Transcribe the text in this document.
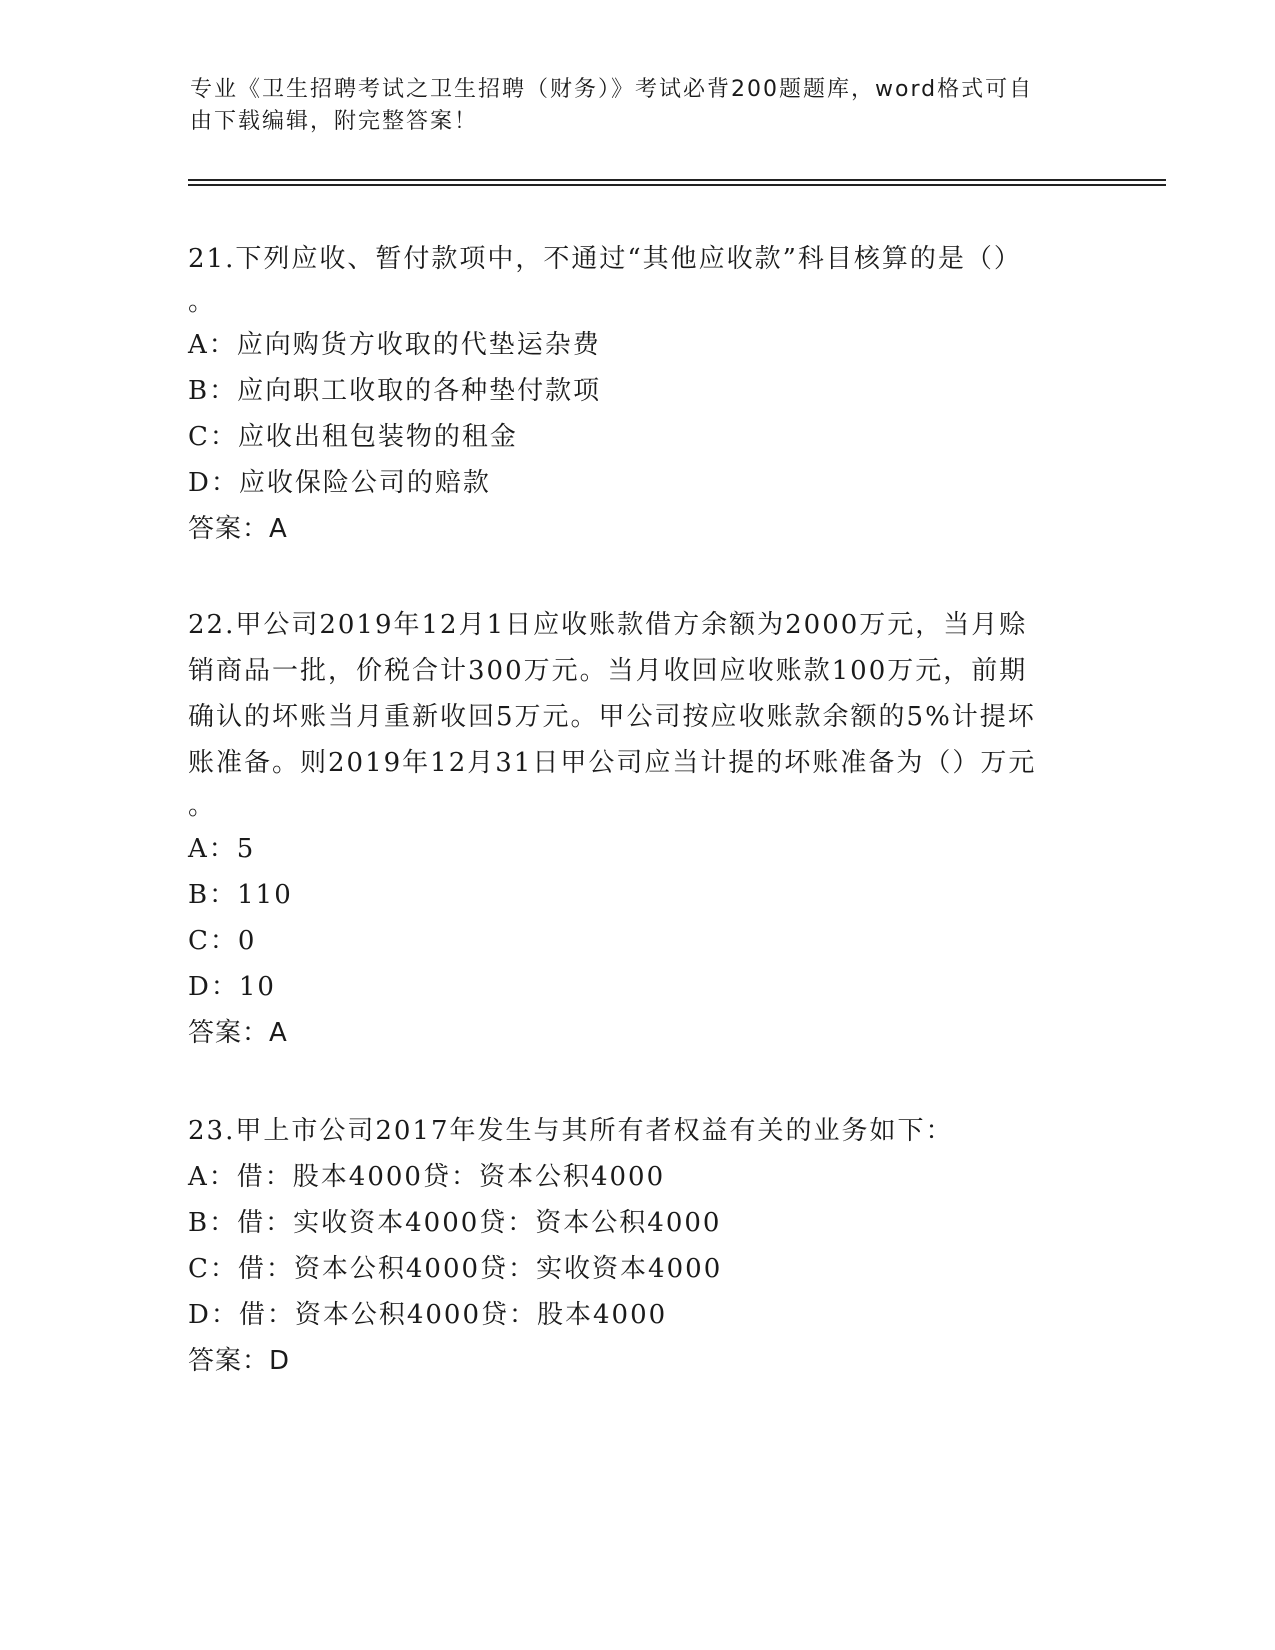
专业《卫生招聘考试之卫生招聘（财务）》考试必背200题题库，word格式可自
由下载编辑，附完整答案！

21.下列应收、暂付款项中，不通过“其他应收款”科目核算的是（）

。

A：应向购货方收取的代垫运杂费

B：应向职工收取的各种垫付款项

C：应收出租包装物的租金

D：应收保险公司的赔款

答案：A

22.甲公司2019年12月1日应收账款借方余额为2000万元，当月赊

销商品一批，价税合计300万元。当月收回应收账款100万元，前期

确认的坏账当月重新收回5万元。甲公司按应收账款余额的5%计提坏

账准备。则2019年12月31日甲公司应当计提的坏账准备为（）万元

。

A：5

B：110

C：0

D：10

答案：A

23.甲上市公司2017年发生与其所有者权益有关的业务如下：

A：借：股本4000贷：资本公积4000

B：借：实收资本4000贷：资本公积4000

C：借：资本公积4000贷：实收资本4000

D：借：资本公积4000贷：股本4000

答案：D
